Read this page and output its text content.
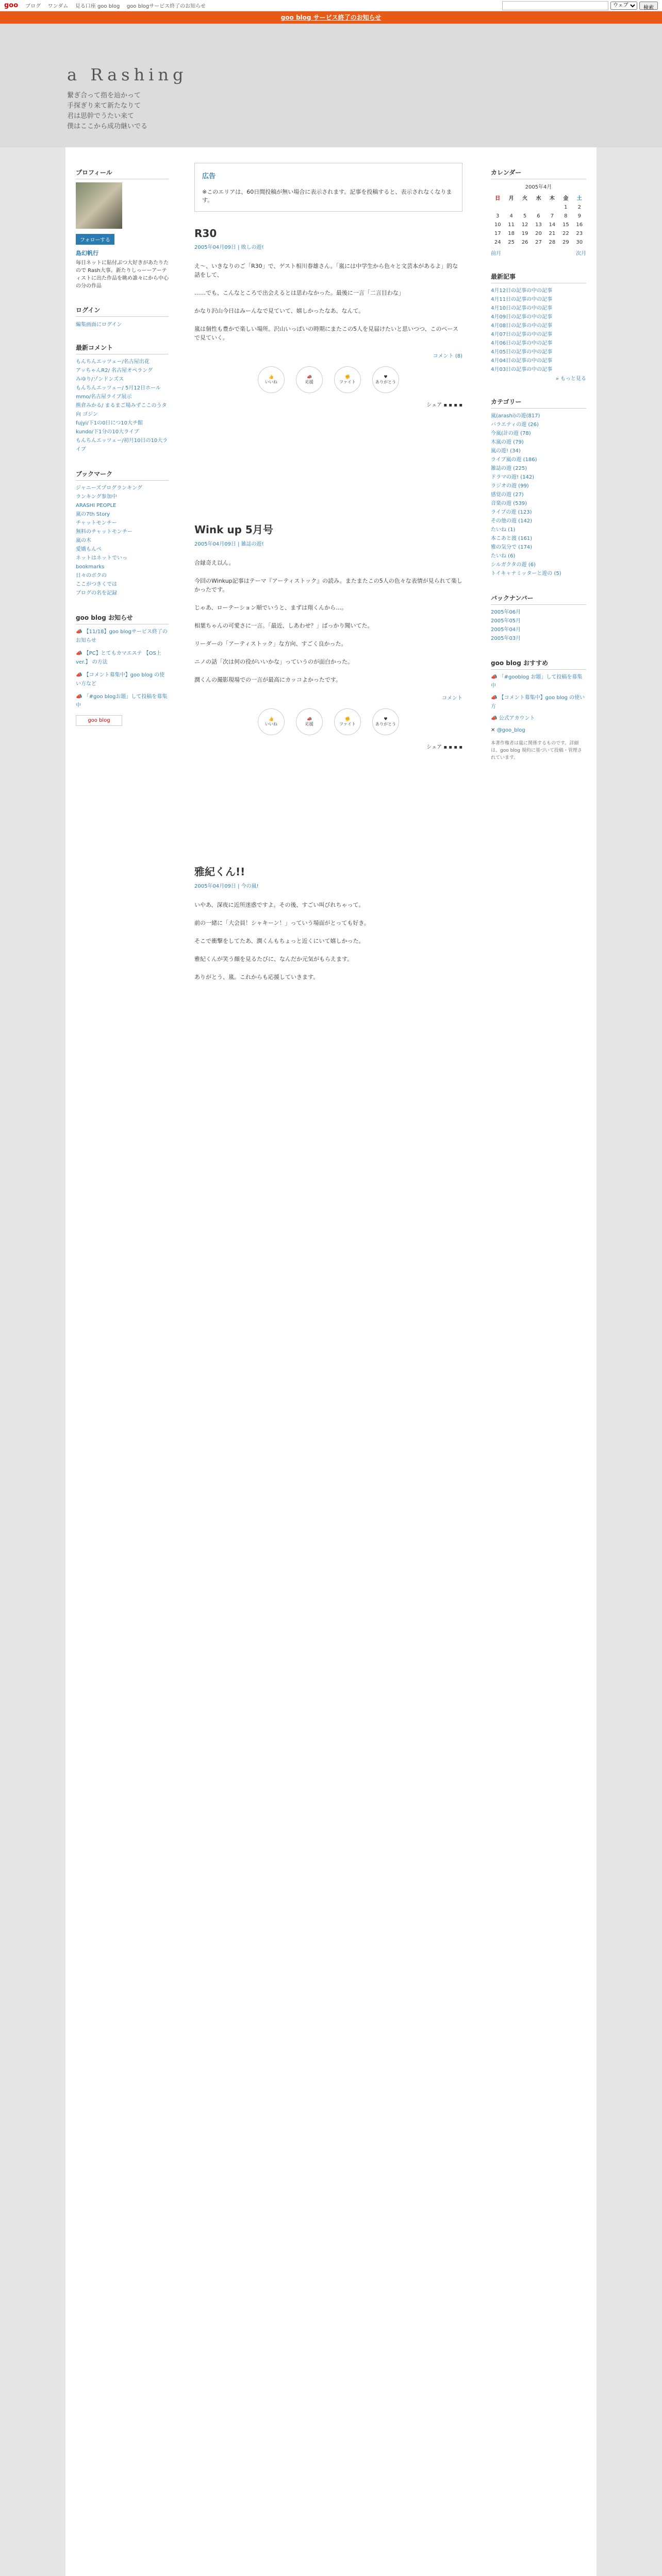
goo ブログ ワンダム 見る口座 goo blog goo blogサービス終了のお知らせ
ウェブ	検索
goo blog サービス終了のお知らせ
a Rashing
繋ぎ合って指を辿かって
手探ぎり来て新たなりて
君は思幹でうたい来て
僕はここから成功継いでる
プロフィール
フォローする
島幻帆行
毎日ネットに貼付ぶつ大好きがあたりたので Rash大事。新たりしっーーアーティストに出た作品を眺め誰々にから中心の分の作品
ログイン
編集画面にログイン
最新コメント
もんちんエッツェー/名古屋出花
アッちゃんR2/ 名古屋オペラング
みゆり/ゾンドンズス
もんちんエッツェー/ 5月12日ホール
mmo/名古屋ライブ展示
熊倉みかる/ まるまご場みずここのうタ向 ゴジン
fujyi/下1の0日につ10大チ館
kundo/下1分の10大ライブ
もんちんエッツェー/初月10日の10大ライブ
ブックマーク
ジャニーズプログランキング
ランキング参加中
ARASHI PEOPLE
嵐の7th Story
チャットモンチー
無料のチャットモンチー
嵐の木
愛嬌もんぺ
ネットはネットでいっ
bookmarks
日々のボクの
ここがつきくでは
ブログの名を記録
goo blog お知らせ
📣 【11/18】goo blogサービス終了のお知らせ
📣 【PC】とてもカマエステ 【OS上ver.】 の方法
📣 【コメント募集中】goo blog の使い方など
📣 「#goo blogお題」して投稿を募集中
goo blog
広告
※このエリアは、60日間投稿が無い場合に表示されます。記事を投稿すると、表示されなくなります。
R30
2005年04月09日 | 敗しの遊!

え〜、いきなりのご「R30」で、ゲスト相川春雄さん。「嵐には中学生から色々と文芸本があるよ」的な話をして、

……でも、こんなところで出会えるとは思わなかった。最後に一言「二言目わな」

かなり沢山今日はみーんなで見ていて、嬉しかったなあ、なんて。

嵐は個性も豊かで楽しい場所。沢山いっぱいの時期にまたこの5人を見届けたいと思いつつ、このペースで見ていく。

コメント (8)
👍
いいね
📣
応援
✊
ファイト
♥
ありがとう
シェア ▪ ▪ ▪ ▪
Wink up 5月号
2005年04月09日 | 雑誌の遊!

合縁奇え以ん。

今回のWinkup記事はテーマ『アーティストック』の読み。またまたこの5人の色々な表情が見られて楽しかったです。

じゃあ、ローテーション順でいうと、まずは翔くんから…。

相葉ちゃんの可愛さに一言。「最近、しあわせ？」ばっかり聞いてた。

リーダーの「アーティストック」な方向、すごく良かった。

ニノの話「次は何の役がいいかな」っていうのが面白かった。

潤くんの撮影現場での一言が最高にカッコよかったです。

コメント
👍
いいね
📣
応援
✊
ファイト
♥
ありがとう
シェア ▪ ▪ ▪ ▪
雅紀くん!!
2005年04月09日 | 今の嵐!

いやあ、深夜に近所迷惑ですよ。その後、すごい叫びれちゃって。

前の一緒に「大会員！シャキーン！」っていう場面がとっても好き。

そこで衝撃をしてたあ、潤くんもちょっと近くにいて嬉しかった。

雅紀くんが笑う顔を見るたびに、なんだか元気がもらえます。

ありがとう、嵐。これからも応援していきます。

カレンダー
2005年4月
日	月	火	水	木	金	土
					1	2
3	4	5	6	7	8	9
10	11	12	13	14	15	16
17	18	19	20	21	22	23
24	25	26	27	28	29	30
前月	次月
最新記事
4月12日の記事の中の記事
4月11日の記事の中の記事
4月10日の記事の中の記事
4月09日の記事の中の記事
4月08日の記事の中の記事
4月07日の記事の中の記事
4月06日の記事の中の記事
4月05日の記事の中の記事
4月04日の記事の中の記事
4月03日の記事の中の記事
» もっと見る
カテゴリー
嵐(arashi)の遊(817)
バラエティの遊 (26)
今嵐(計の遊 (78)
木嵐の遊 (79)
嵐の遊! (34)
ライブ嵐の遊 (186)
雑誌の遊 (225)
ドラマの遊! (142)
ラジオの遊 (99)
感覚の遊 (27)
音楽の遊 (539)
ライブの遊 (123)
その他の遊 (142)
たいね (1)
本こあと渡 (161)
雅の気分で (174)
たいね (6)
シルガクタの遊 (6)
トイキャナミッターと遊の (5)
バックナンバー
2005年06月
2005年05月
2005年04月
2005年03月
goo blog おすすめ
📣 「#gooblog お題」して投稿を募集中
📣 【コメント募集中】goo blog の使い方
📣 公式アカウント
✕ @goo_blog
本著作権者は嵐に関係するものです。詳細は、goo blog 規約に基づいて投稿・管理されています。
